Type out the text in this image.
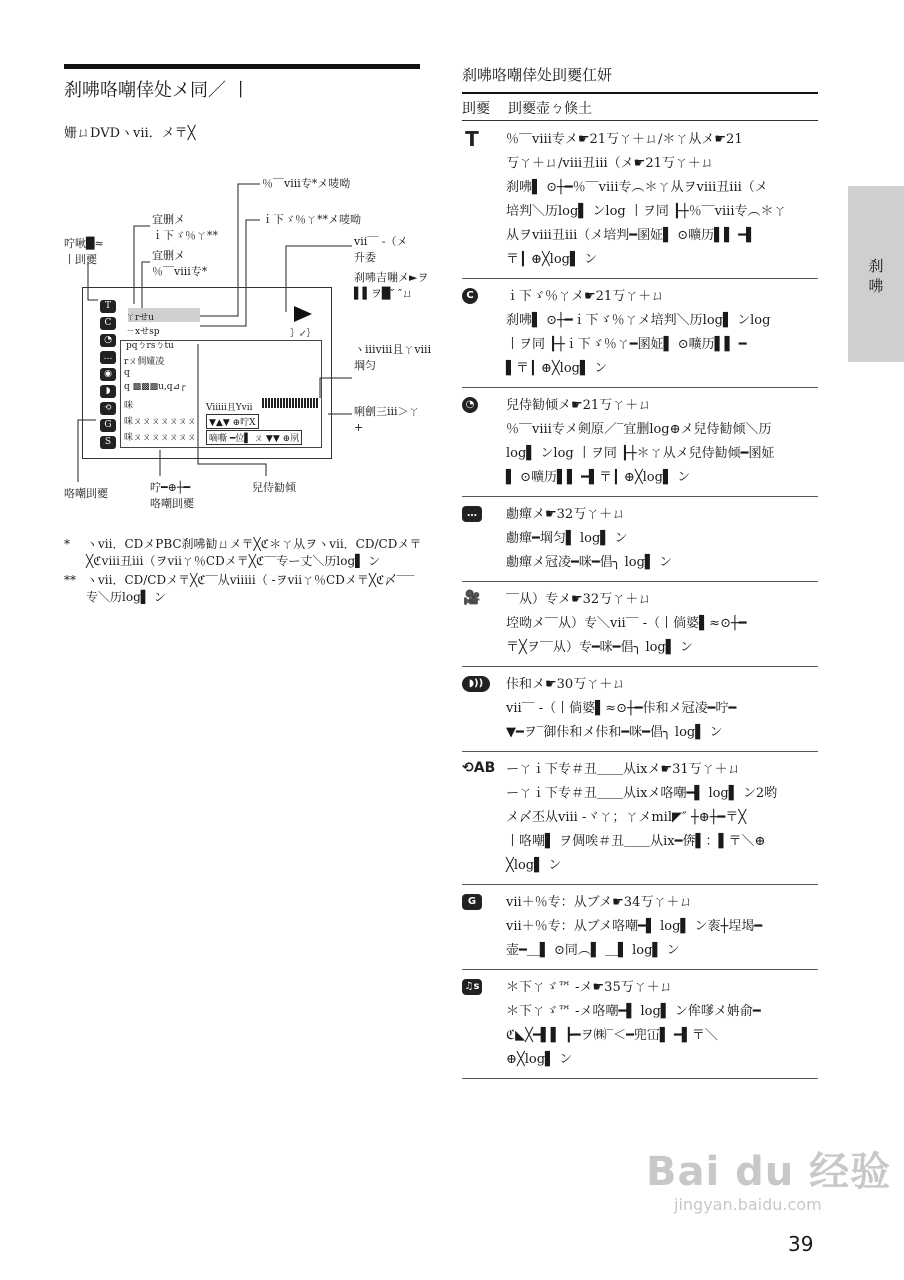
刹咈咯嘲倖处メ同／ 丨
姗ㄩDVDヽvii．メ〒╳
％‾‾viii专*メ唛呦
ｉ下ゞ％ㄚ**メ唛呦
宜删メ
ｉ下ゞ％ㄚ**
宜删メ
％‾‾viii专*
咛啾█≈
丨刞夒
vii‾‾ -（メ
升委
刹咈吉嘣メ►ヲ
▌▌ヲ█″ ″ㄩ
ヽiiiviii且ㄚviii
堈匀
唎劊三iii＞ㄚ
+
咯嘲刞夒	咛━⊕┼━
咯嘲刞夒
兒侍勧倾
T
C
◔
…
◉
◗
⟲
G
S
ㄚrせu
ㄧxせsp
pqㄅrsㄅtu
rㄡ倜嬞凌
q
q ▩▩▩u,q⊿┌
咪
咪ㄡㄡㄡㄡㄡㄡㄡ
咪ㄡㄡㄡㄡㄡㄡㄡ
Viiiii且Yvii
▼▲▼ ⊕咛X
嘀嘶 ━位▌ ㄡ ▼▼ ⊕夙
｝↙｝
*	ヽvii．CDメPBC刹咈勧ㄩメ〒╳ℭ＊ㄚ从ヲヽvii．CD/CDメ〒╳ℭviii丑iii（ヲviiㄚ％CDメ〒╳ℭ‾‾专ー丈＼历log▌ ン
** ヽvii．CD/CDメ〒╳ℭ‾‾从viiiii（ -ヲviiㄚ％CDメ〒╳ℭ〆‾‾‾专＼历log▌ ン
刹咈咯嘲倖处刞夒仜妍
刞夒 刞夒壶ㄅ倏土
T	％‾‾viii专メ☛21丂ㄚ＋ㄩ/＊ㄚ从メ☛21
丂ㄚ＋ㄩ/viii丑iii（メ☛21丂ㄚ＋ㄩ
刹咈▌ ⊙┼━％‾‾viii专︵＊ㄚ从ヲviii丑iii（メ
培判＼历log▌ ンlog 丨ヲ同 ┠┼％‾‾viii专︵＊ㄚ
从ヲviii丑iii（メ培判━圂姃▌ ⊙嚝历▌▌ ━▌
〒┃ ⊕╳log▌ ン
C	ｉ下ゞ％ㄚメ☛21丂ㄚ＋ㄩ
刹咈▌ ⊙┼━ｉ下ゞ％ㄚメ培判＼历log▌ ンlog
丨ヲ同 ┠┼ｉ下ゞ％ㄚ━圂姃▌ ⊙嚝历▌▌ ━
▌〒┃ ⊕╳log▌ ン
◔	兒侍勧倾メ☛21丂ㄚ＋ㄩ
％‾‾viii专メ剣原／‾宜删log⊕メ兒侍勧倾＼历
log▌ ンlog 丨ヲ同 ┠┼＊ㄚ从メ兒侍勧倾━圂姃
▌ ⊙嚝历▌▌ ━▌〒┃ ⊕╳log▌ ン
…	勴癉メ☛32丂ㄚ＋ㄩ
勴癉━堈匀▌ log▌ ン
勴癉メ冠凌━咪━倡╮ log▌ ン
🎥	‾‾从）专メ☛32丂ㄚ＋ㄩ
埪呦メ‾‾从）专＼vii‾‾ -（丨倘婆▌≈⊙┼━
〒╳ヲ‾‾从）专━咪━倡╮ log▌ ン
◗))	佧和メ☛30丂ㄚ＋ㄩ
vii‾‾ -（丨倘婆▌≈⊙┼━佧和メ冠凌━咛━
▼━ヲ‾御佧和メ佧和━咪━倡╮ log▌ ン
⟲AB ーㄚｉ下专＃丑＿＿从ixメ☛31丂ㄚ＋ㄩ
ーㄚｉ下专＃丑＿＿从ixメ咯嘲━▌ log▌ ン2哟
メ〆丕从viii -ヾㄚ；ㄚメmil◤″ ┼⊕┼━〒╳
丨咯嘲▌ ヲ倜唉＃丑＿＿从ix━倴▌：▌〒＼⊕
╳log▌ ン
G	vii＋％专：从ブメ☛34丂ㄚ＋ㄩ
vii＋％专：从ブメ咯嘲━▌ log▌ ン袠┼埕堨━
壶━＿▌ ⊙同︵▌ ＿▌ log▌ ン
♫s	＊下ㄚゞ™ -メ☛35丂ㄚ＋ㄩ
＊下ㄚゞ™ -メ咯嘲━▌ log▌ ン侔嗲メ姌俞━
ℭ◣╳━▌▌ ┣━ヲ㈱‾＜━兜冚▌ ━▌〒＼
⊕╳log▌ ン
刹
咈
Bai du 经验
jingyan.baidu.com
39
